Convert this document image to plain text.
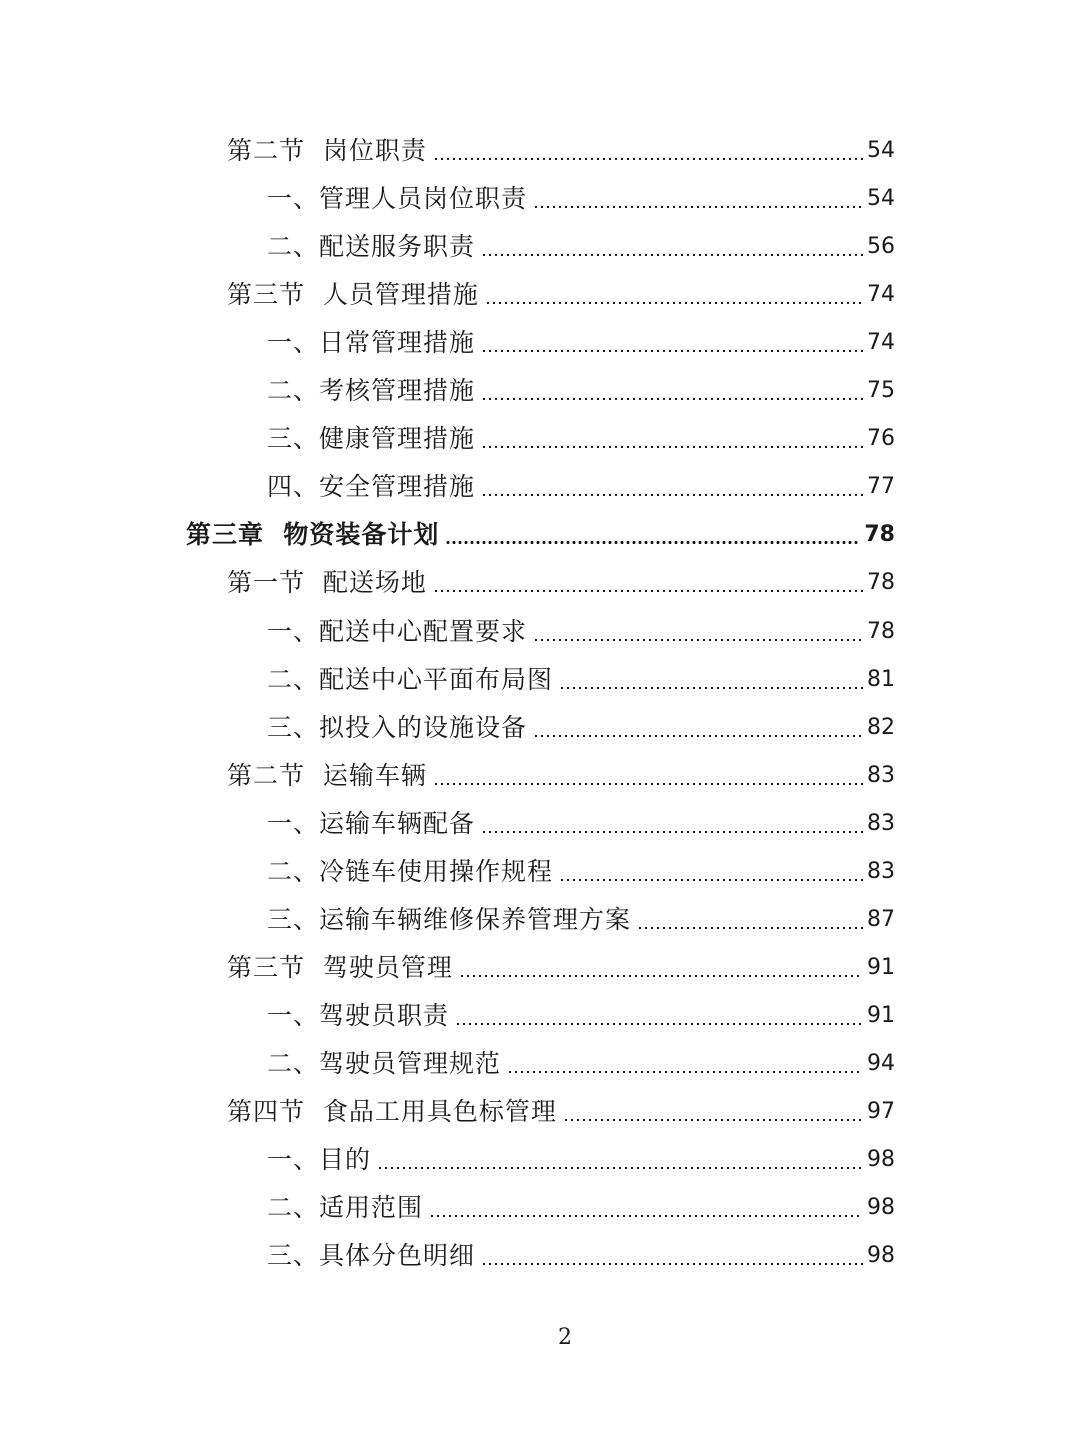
第二节  岗位职责	54
一、管理人员岗位职责	54
二、配送服务职责	56
第三节  人员管理措施	74
一、日常管理措施	74
二、考核管理措施	75
三、健康管理措施	76
四、安全管理措施	77
第三章  物资装备计划	78
第一节  配送场地	78
一、配送中心配置要求	78
二、配送中心平面布局图	81
三、拟投入的设施设备	82
第二节  运输车辆	83
一、运输车辆配备	83
二、冷链车使用操作规程	83
三、运输车辆维修保养管理方案	87
第三节  驾驶员管理	91
一、驾驶员职责	91
二、驾驶员管理规范	94
第四节  食品工用具色标管理	97
一、目的	98
二、适用范围	98
三、具体分色明细	98
2
